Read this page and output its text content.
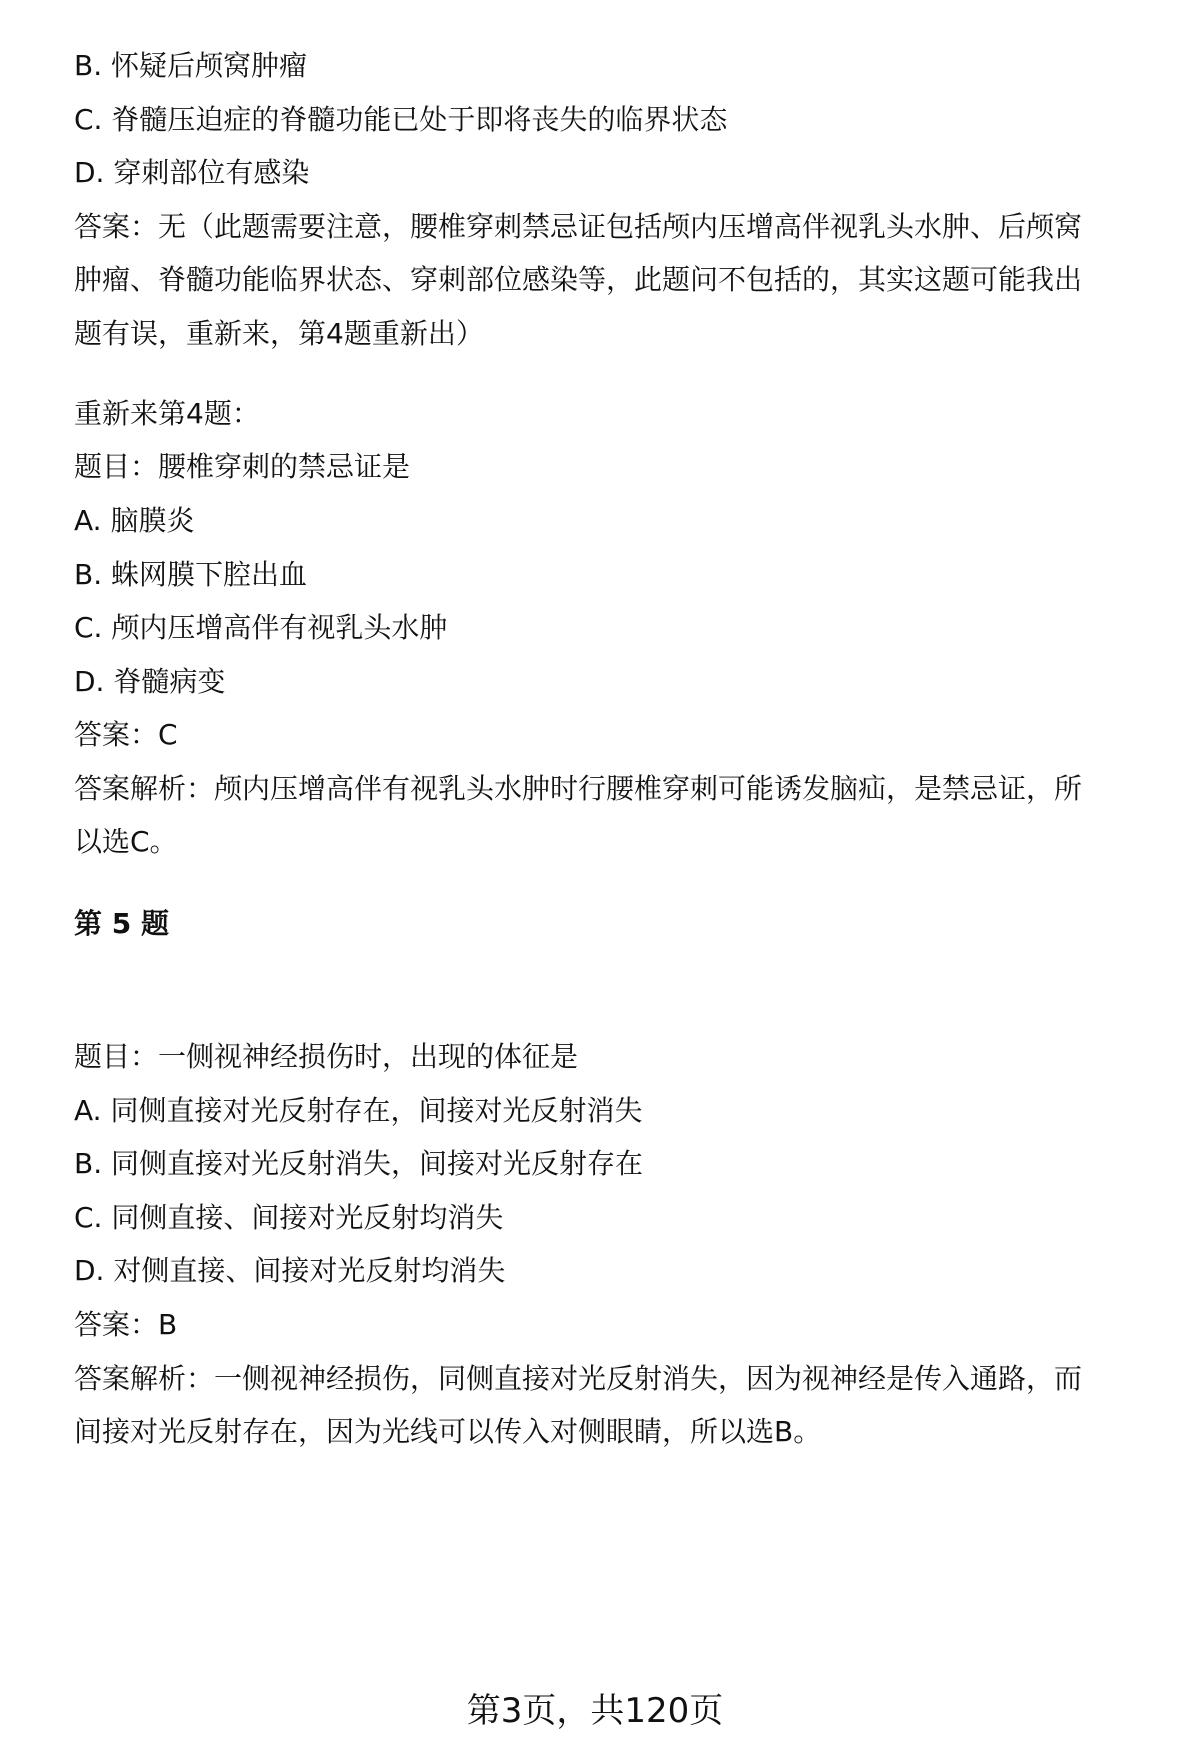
B. 怀疑后颅窝肿瘤

C. 脊髓压迫症的脊髓功能已处于即将丧失的临界状态

D. 穿刺部位有感染

答案：无（此题需要注意，腰椎穿刺禁忌证包括颅内压增高伴视乳头水肿、后颅窝

肿瘤、脊髓功能临界状态、穿刺部位感染等，此题问不包括的，其实这题可能我出

题有误，重新来，第4题重新出）

重新来第4题：

题目：腰椎穿刺的禁忌证是

A. 脑膜炎

B. 蛛网膜下腔出血

C. 颅内压增高伴有视乳头水肿

D. 脊髓病变

答案：C

答案解析：颅内压增高伴有视乳头水肿时行腰椎穿刺可能诱发脑疝，是禁忌证，所

以选C。

第 5 题

题目：一侧视神经损伤时，出现的体征是

A. 同侧直接对光反射存在，间接对光反射消失

B. 同侧直接对光反射消失，间接对光反射存在

C. 同侧直接、间接对光反射均消失

D. 对侧直接、间接对光反射均消失

答案：B

答案解析：一侧视神经损伤，同侧直接对光反射消失，因为视神经是传入通路，而

间接对光反射存在，因为光线可以传入对侧眼睛，所以选B。

第3页，共120页
